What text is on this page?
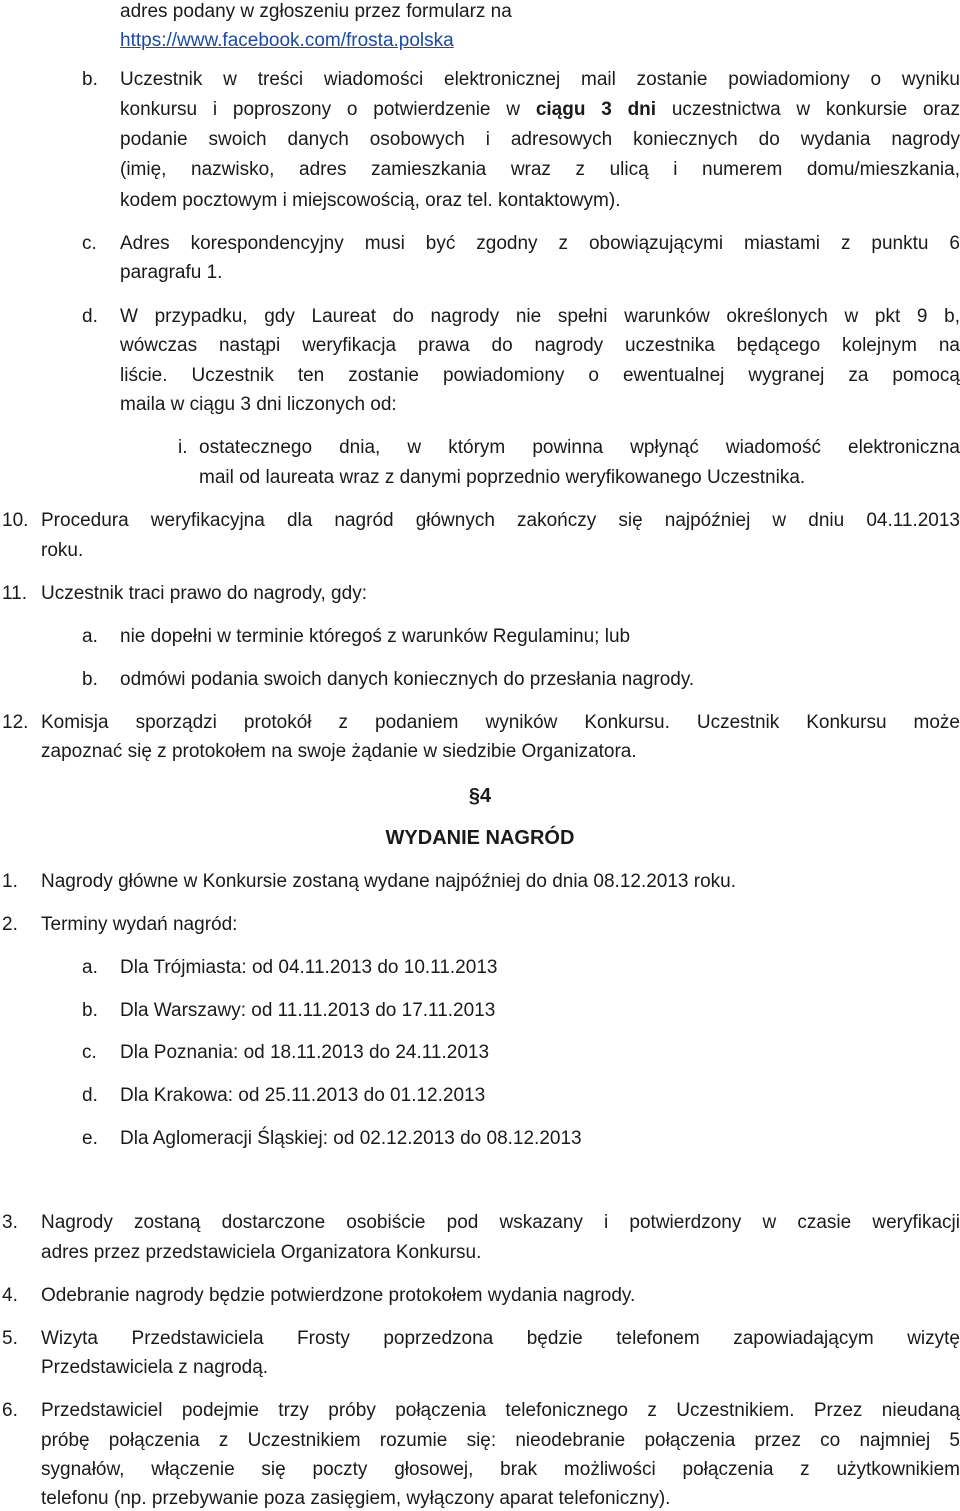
adres podany w zgłoszeniu przez formularz na
https://www.facebook.com/frosta.polska
b. Uczestnik w treści wiadomości elektronicznej mail zostanie powiadomiony o wyniku
konkursu i poproszony o potwierdzenie w ciągu 3 dni uczestnictwa w konkursie oraz
podanie swoich danych osobowych i adresowych koniecznych do wydania nagrody
(imię, nazwisko, adres zamieszkania wraz z ulicą i numerem domu/mieszkania,
kodem pocztowym i miejscowością, oraz tel. kontaktowym).
c. Adres korespondencyjny musi być zgodny z obowiązującymi miastami z punktu 6
paragrafu 1.
d. W przypadku, gdy Laureat do nagrody nie spełni warunków określonych w pkt 9 b,
wówczas nastąpi weryfikacja prawa do nagrody uczestnika będącego kolejnym na
liście. Uczestnik ten zostanie powiadomiony o ewentualnej wygranej za pomocą
maila w ciągu 3 dni liczonych od:
i. ostatecznego dnia, w którym powinna wpłynąć wiadomość elektroniczna
mail od laureata wraz z danymi poprzednio weryfikowanego Uczestnika.
10. Procedura weryfikacyjna dla nagród głównych zakończy się najpóźniej w dniu 04.11.2013
roku.
11. Uczestnik traci prawo do nagrody, gdy:
a. nie dopełni w terminie któregoś z warunków Regulaminu; lub
b. odmówi podania swoich danych koniecznych do przesłania nagrody.
12. Komisja sporządzi protokół z podaniem wyników Konkursu. Uczestnik Konkursu może
zapoznać się z protokołem na swoje żądanie w siedzibie Organizatora.
§4
WYDANIE NAGRÓD
1. Nagrody główne w Konkursie zostaną wydane najpóźniej do dnia 08.12.2013 roku.
2. Terminy wydań nagród:
a. Dla Trójmiasta: od 04.11.2013 do 10.11.2013
b. Dla Warszawy: od 11.11.2013 do 17.11.2013
c. Dla Poznania: od 18.11.2013 do 24.11.2013
d. Dla Krakowa: od 25.11.2013 do 01.12.2013
e. Dla Aglomeracji Śląskiej: od 02.12.2013 do 08.12.2013
3. Nagrody zostaną dostarczone osobiście pod wskazany i potwierdzony w czasie weryfikacji
adres przez przedstawiciela Organizatora Konkursu.
4. Odebranie nagrody będzie potwierdzone protokołem wydania nagrody.
5. Wizyta Przedstawiciela Frosty poprzedzona będzie telefonem zapowiadającym wizytę
Przedstawiciela z nagrodą.
6. Przedstawiciel podejmie trzy próby połączenia telefonicznego z Uczestnikiem. Przez nieudaną
próbę połączenia z Uczestnikiem rozumie się: nieodebranie połączenia przez co najmniej 5
sygnałów, włączenie się poczty głosowej, brak możliwości połączenia z użytkownikiem
telefonu (np. przebywanie poza zasięgiem, wyłączony aparat telefoniczny).
